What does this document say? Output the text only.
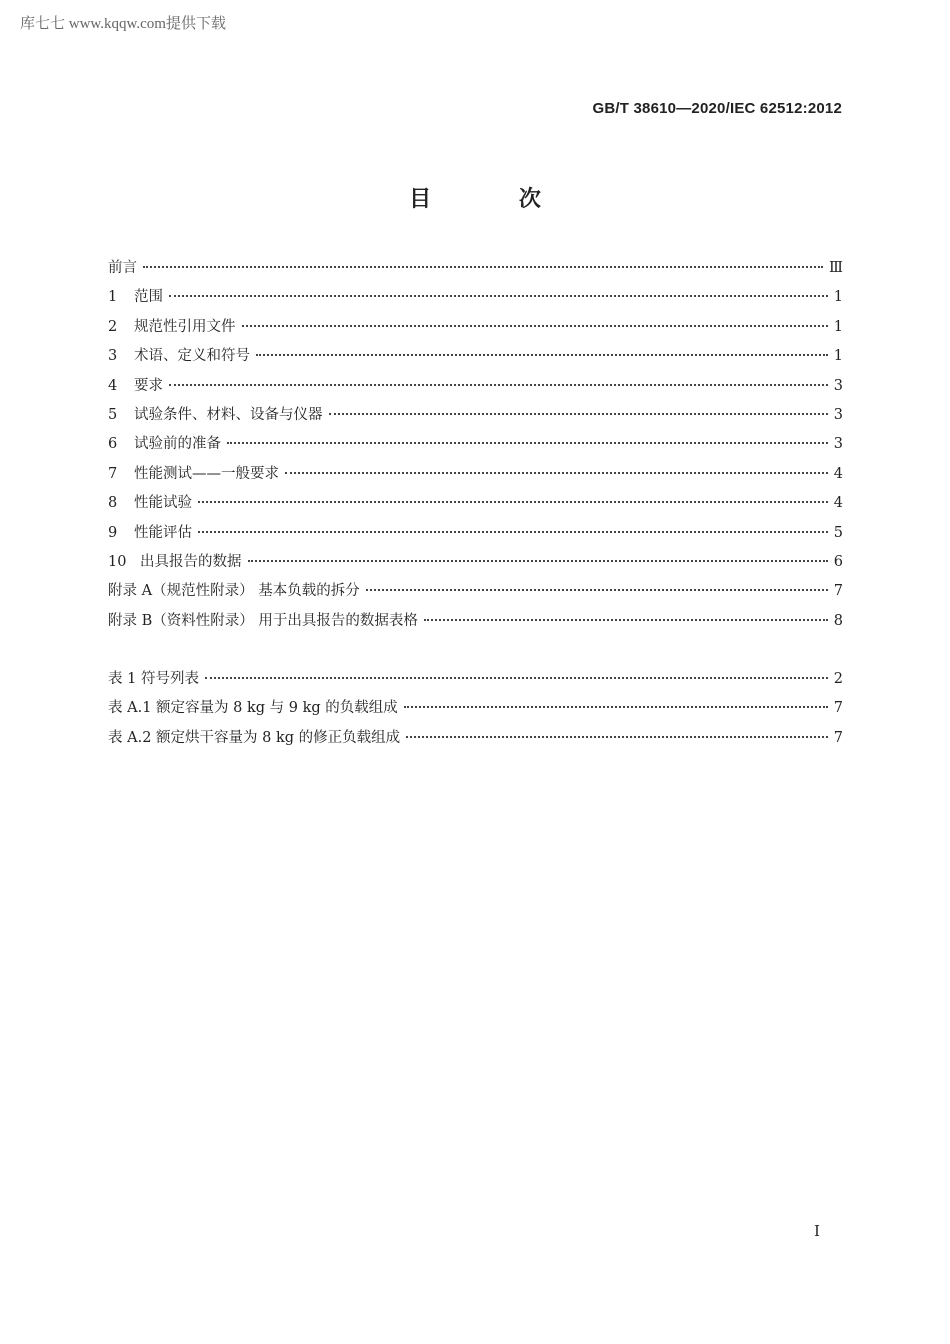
库七七 www.kqqw.com提供下载
GB/T 38610—2020/IEC 62512:2012
目 次
前言	Ⅲ
1	范围	1
2	规范性引用文件	1
3	术语、定义和符号	1
4	要求	3
5	试验条件、材料、设备与仪器	3
6	试验前的准备	3
7	性能测试——一般要求	4
8	性能试验	4
9	性能评估	5
10 出具报告的数据	6
附录 A（规范性附录） 基本负载的拆分	7
附录 B（资料性附录） 用于出具报告的数据表格	8
表 1 符号列表	2
表 A.1 额定容量为 8 kg 与 9 kg 的负载组成	7
表 A.2 额定烘干容量为 8 kg 的修正负载组成	7
I
